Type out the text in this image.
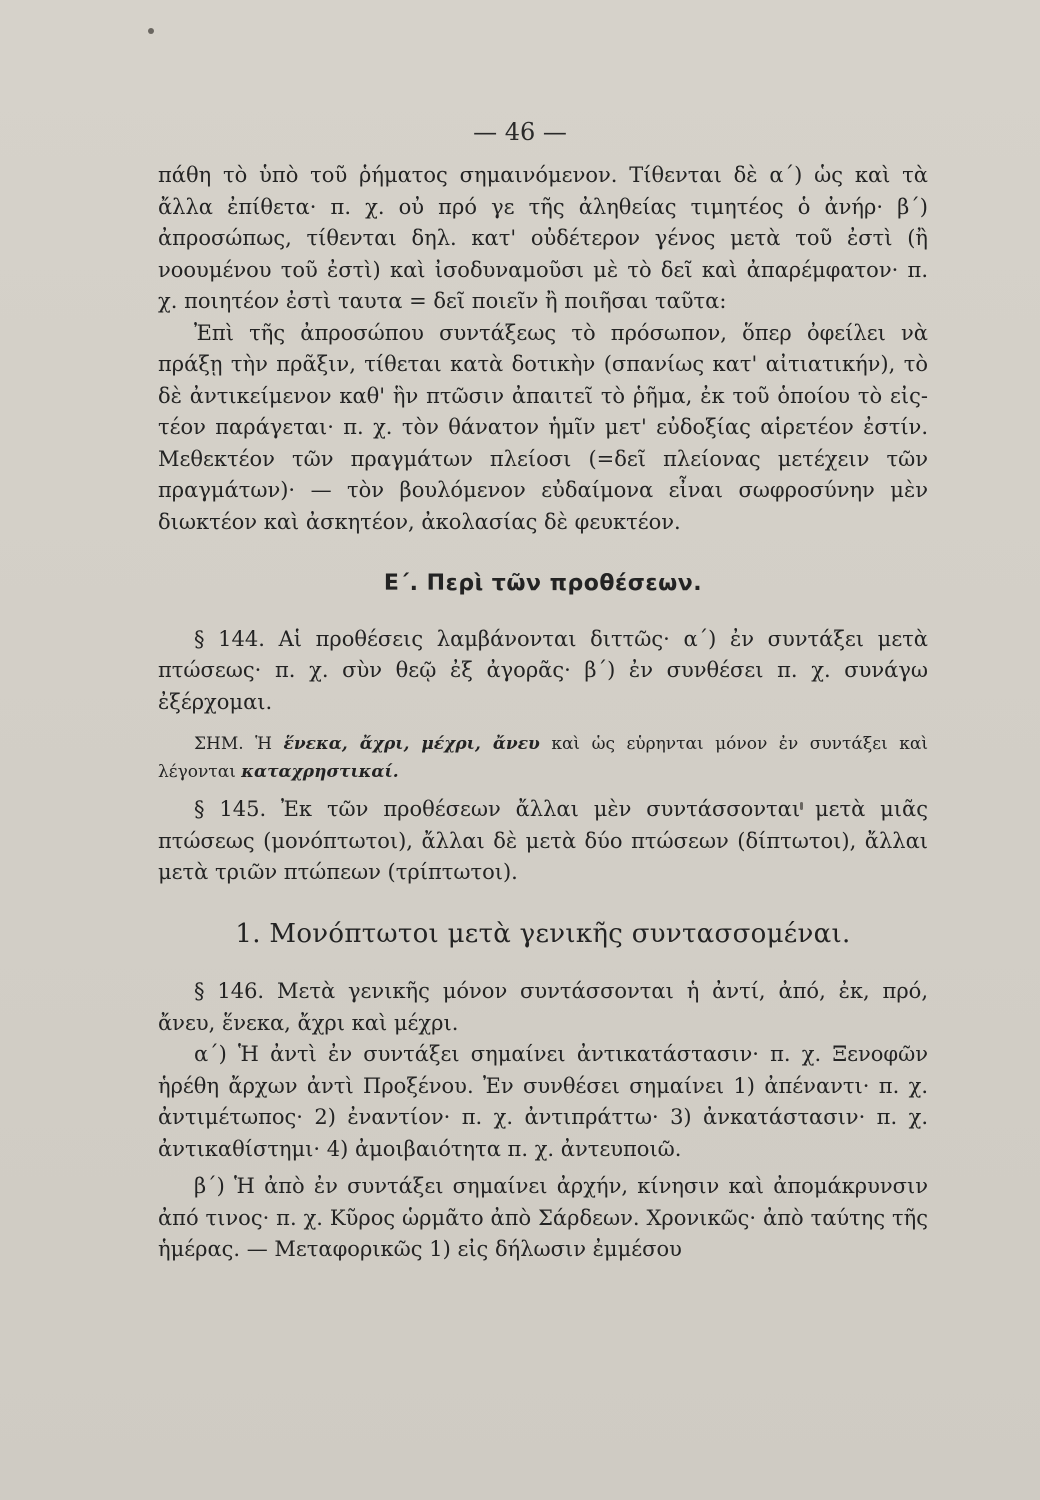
— 46 —

πάθη τὸ ὑπὸ τοῦ ῥήματος σημαινόμενον. Τίθενται δὲ α΄) ὡς καὶ τὰ ἄλλα ἐπίθετα· π. χ. οὐ πρό γε τῆς ἀληθείας τιμητέος ὁ ἀνήρ· β΄) ἀπροσώπως, τίθενται δηλ. κατ' οὐδέτερον γένος μετὰ τοῦ ἐστὶ (ἢ νοουμένου τοῦ ἐστὶ) καὶ ἰσοδυναμοῦσι μὲ τὸ δεῖ καὶ ἀπαρέμφατον· π. χ. ποιητέον ἐστὶ ταυτα = δεῖ ποιεῖν ἢ ποιῆσαι ταῦτα:

Ἐπὶ τῆς ἀπροσώπου συντάξεως τὸ πρόσωπον, ὅπερ ὀφείλει νὰ πράξῃ τὴν πρᾶξιν, τίθεται κατὰ δοτικὴν (σπανίως κατ' αἰτιατικήν), τὸ δὲ ἀντικείμενον καθ' ἣν πτῶσιν ἀπαιτεῖ τὸ ῥῆμα, ἐκ τοῦ ὁποίου τὸ εἰς-τέον παράγεται· π. χ. τὸν θάνατον ἡμῖν μετ' εὐδοξίας αἱρετέον ἐστίν. Μεθεκτέον τῶν πραγμάτων πλείοσι (=δεῖ πλείονας μετέχειν τῶν πραγμάτων)· — τὸν βουλόμενον εὐδαίμονα εἶναι σωφροσύνην μὲν διωκτέον καὶ ἀσκητέον, ἀκολασίας δὲ φευκτέον.

Ε΄. Περὶ τῶν προθέσεων.

§ 144. Αἱ προθέσεις λαμβάνονται διττῶς· α΄) ἐν συντάξει μετὰ πτώσεως· π. χ. σὺν θεῷ ἐξ ἀγορᾶς· β΄) ἐν συνθέσει π. χ. συνάγω ἐξέρχομαι.

ΣΗΜ. Ἡ ἕνεκα, ἄχρι, μέχρι, ἄνευ καὶ ὡς εὑρηνται μόνον ἐν συντάξει καὶ λέγονται καταχρηστικαί.

§ 145. Ἐκ τῶν προθέσεων ἄλλαι μὲν συντάσσονται μετὰ μιᾶς πτώσεως (μονόπτωτοι), ἄλλαι δὲ μετὰ δύο πτώσεων (δίπτωτοι), ἄλλαι μετὰ τριῶν πτώπεων (τρίπτωτοι).

1. Μονόπτωτοι μετὰ γενικῆς συντασσομέναι.

§ 146. Μετὰ γενικῆς μόνον συντάσσονται ἡ ἀντί, ἀπό, ἐκ, πρό, ἄνευ, ἕνεκα, ἄχρι καὶ μέχρι.

α΄) Ἡ ἀντὶ ἐν συντάξει σημαίνει ἀντικατάστασιν· π. χ. Ξενοφῶν ἡρέθη ἄρχων ἀντὶ Προξένου. Ἐν συνθέσει σημαίνει 1) ἀπέναντι· π. χ. ἀντιμέτωπος· 2) ἐναντίον· π. χ. ἀντιπράττω· 3) ἀνκατάστασιν· π. χ. ἀντικαθίστημι· 4) ἀμοιβαιότητα π. χ. ἀντευποιῶ.

β΄) Ἡ ἀπὸ ἐν συντάξει σημαίνει ἀρχήν, κίνησιν καὶ ἀπομάκρυνσιν ἀπό τινος· π. χ. Κῦρος ὡρμᾶτο ἀπὸ Σάρδεων. Χρονικῶς· ἀπὸ ταύτης τῆς ἡμέρας. — Μεταφορικῶς 1) εἰς δήλωσιν ἐμμέσου
